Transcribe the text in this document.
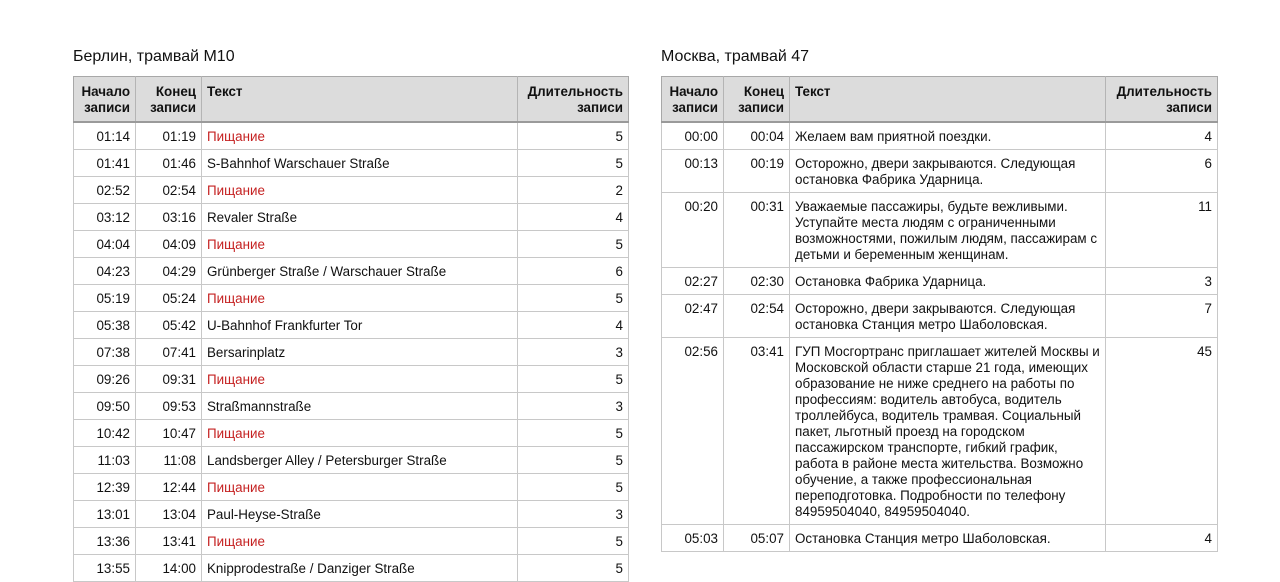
Берлин, трамвай М10
Начало записи	Конец записи	Текст	Длительность записи
01:14	01:19	Пищание	5
01:41	01:46	S-Bahnhof Warschauer Straße	5
02:52	02:54	Пищание	2
03:12	03:16	Revaler Straße	4
04:04	04:09	Пищание	5
04:23	04:29	Grünberger Straße / Warschauer Straße	6
05:19	05:24	Пищание	5
05:38	05:42	U-Bahnhof Frankfurter Tor	4
07:38	07:41	Bersarinplatz	3
09:26	09:31	Пищание	5
09:50	09:53	Straßmannstraße	3
10:42	10:47	Пищание	5
11:03	11:08	Landsberger Alley / Petersburger Straße	5
12:39	12:44	Пищание	5
13:01	13:04	Paul-Heyse-Straße	3
13:36	13:41	Пищание	5
13:55	14:00	Knipprodestraße / Danziger Straße	5
Москва, трамвай 47
Начало записи	Конец записи	Текст	Длительность записи
00:00	00:04	Желаем вам приятной поездки.	4
00:13	00:19	Осторожно, двери закрываются. Следующая остановка Фабрика Ударница.	6
00:20	00:31	Уважаемые пассажиры, будьте вежливыми. Уступайте места людям с ограниченными возможностями, пожилым людям, пассажирам с детьми и беременным женщинам.	11
02:27	02:30	Остановка Фабрика Ударница.	3
02:47	02:54	Осторожно, двери закрываются. Следующая остановка Станция метро Шаболовская.	7
02:56	03:41	ГУП Мосгортранс приглашает жителей Москвы и Московской области старше 21 года, имеющих образование не ниже среднего на работы по профессиям: водитель автобуса, водитель троллейбуса, водитель трамвая. Социальный пакет, льготный проезд на городском пассажирском транспорте, гибкий график, работа в районе места жительства. Возможно обучение, а также профессиональная переподготовка. Подробности по телефону 84959504040, 84959504040.	45
05:03	05:07	Остановка Станция метро Шаболовская.	4
